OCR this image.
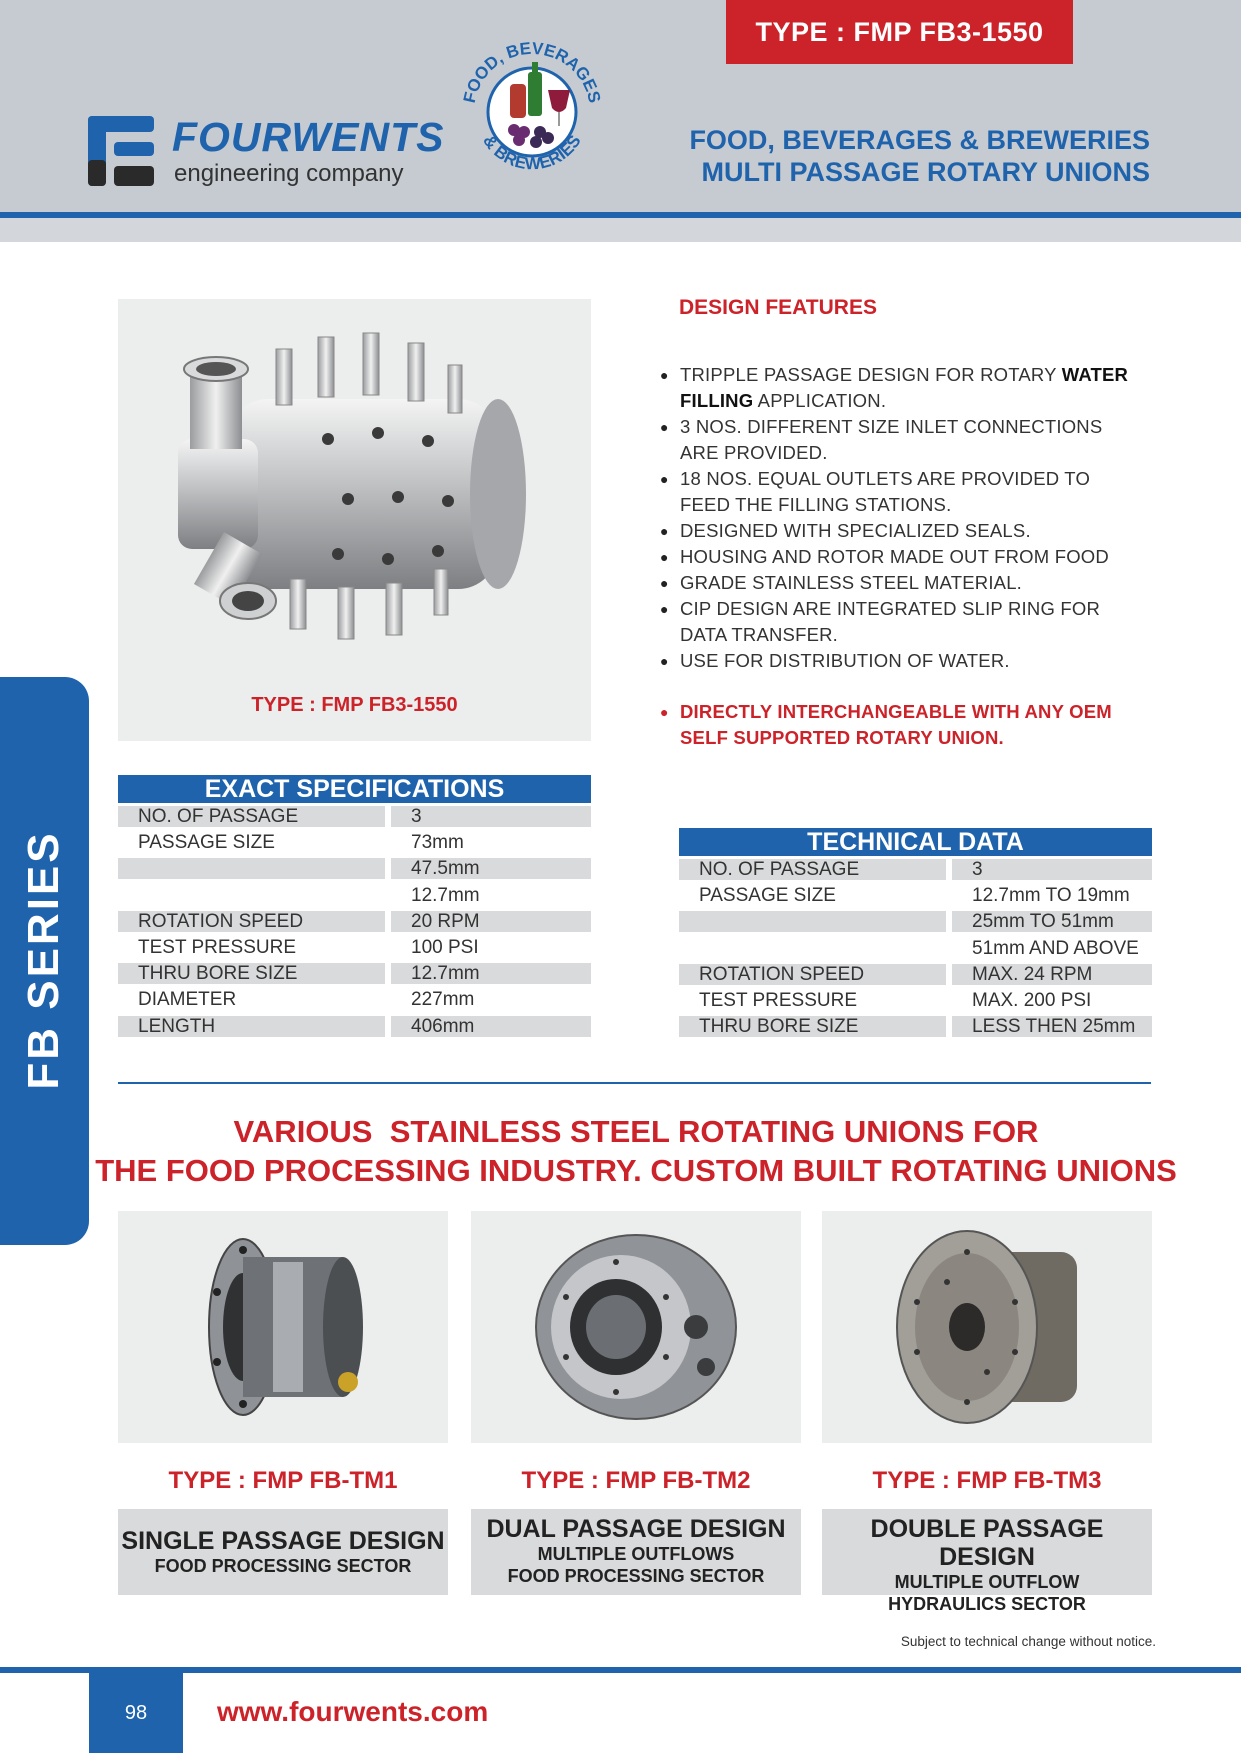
TYPE : FMP FB3-1550
FOURWENTS
engineering company
FOOD, BEVERAGES
& BREWERIES	FOOD, BEVERAGES & BREWERIES
MULTI PASSAGE ROTARY UNIONS
FB SERIES
TYPE : FMP FB3-1550
DESIGN FEATURES
● TRIPPLE PASSAGE DESIGN FOR ROTARY WATER FILLING APPLICATION.
● 3 NOS. DIFFERENT SIZE INLET CONNECTIONS ARE PROVIDED.
● 18 NOS. EQUAL OUTLETS ARE PROVIDED TO FEED THE FILLING STATIONS.
● DESIGNED WITH SPECIALIZED SEALS.
● HOUSING AND ROTOR MADE OUT FROM FOOD
● GRADE STAINLESS STEEL MATERIAL.
● CIP DESIGN ARE INTEGRATED SLIP RING FOR DATA TRANSFER.
● USE FOR DISTRIBUTION OF WATER.
● DIRECTLY INTERCHANGEABLE WITH ANY OEM SELF SUPPORTED ROTARY UNION.
EXACT SPECIFICATIONS
NO. OF PASSAGE	3
PASSAGE SIZE	73mm
47.5mm
12.7mm
ROTATION SPEED	20 RPM
TEST PRESSURE	100 PSI
THRU BORE SIZE	12.7mm
DIAMETER	227mm
LENGTH	406mm
TECHNICAL DATA
NO. OF PASSAGE	3
PASSAGE SIZE	12.7mm TO 19mm
25mm TO 51mm
51mm AND ABOVE
ROTATION SPEED	MAX. 24 RPM
TEST PRESSURE	MAX. 200 PSI
THRU BORE SIZE	LESS THEN 25mm
VARIOUS  STAINLESS STEEL ROTATING UNIONS FOR
THE FOOD PROCESSING INDUSTRY. CUSTOM BUILT ROTATING UNIONS
TYPE : FMP FB-TM1
SINGLE PASSAGE DESIGN
FOOD PROCESSING SECTOR
TYPE : FMP FB-TM2
DUAL PASSAGE DESIGN
MULTIPLE OUTFLOWS
FOOD PROCESSING SECTOR
TYPE : FMP FB-TM3
DOUBLE PASSAGE DESIGN
MULTIPLE OUTFLOW
HYDRAULICS SECTOR
Subject to technical change without notice.
98	www.fourwents.com
